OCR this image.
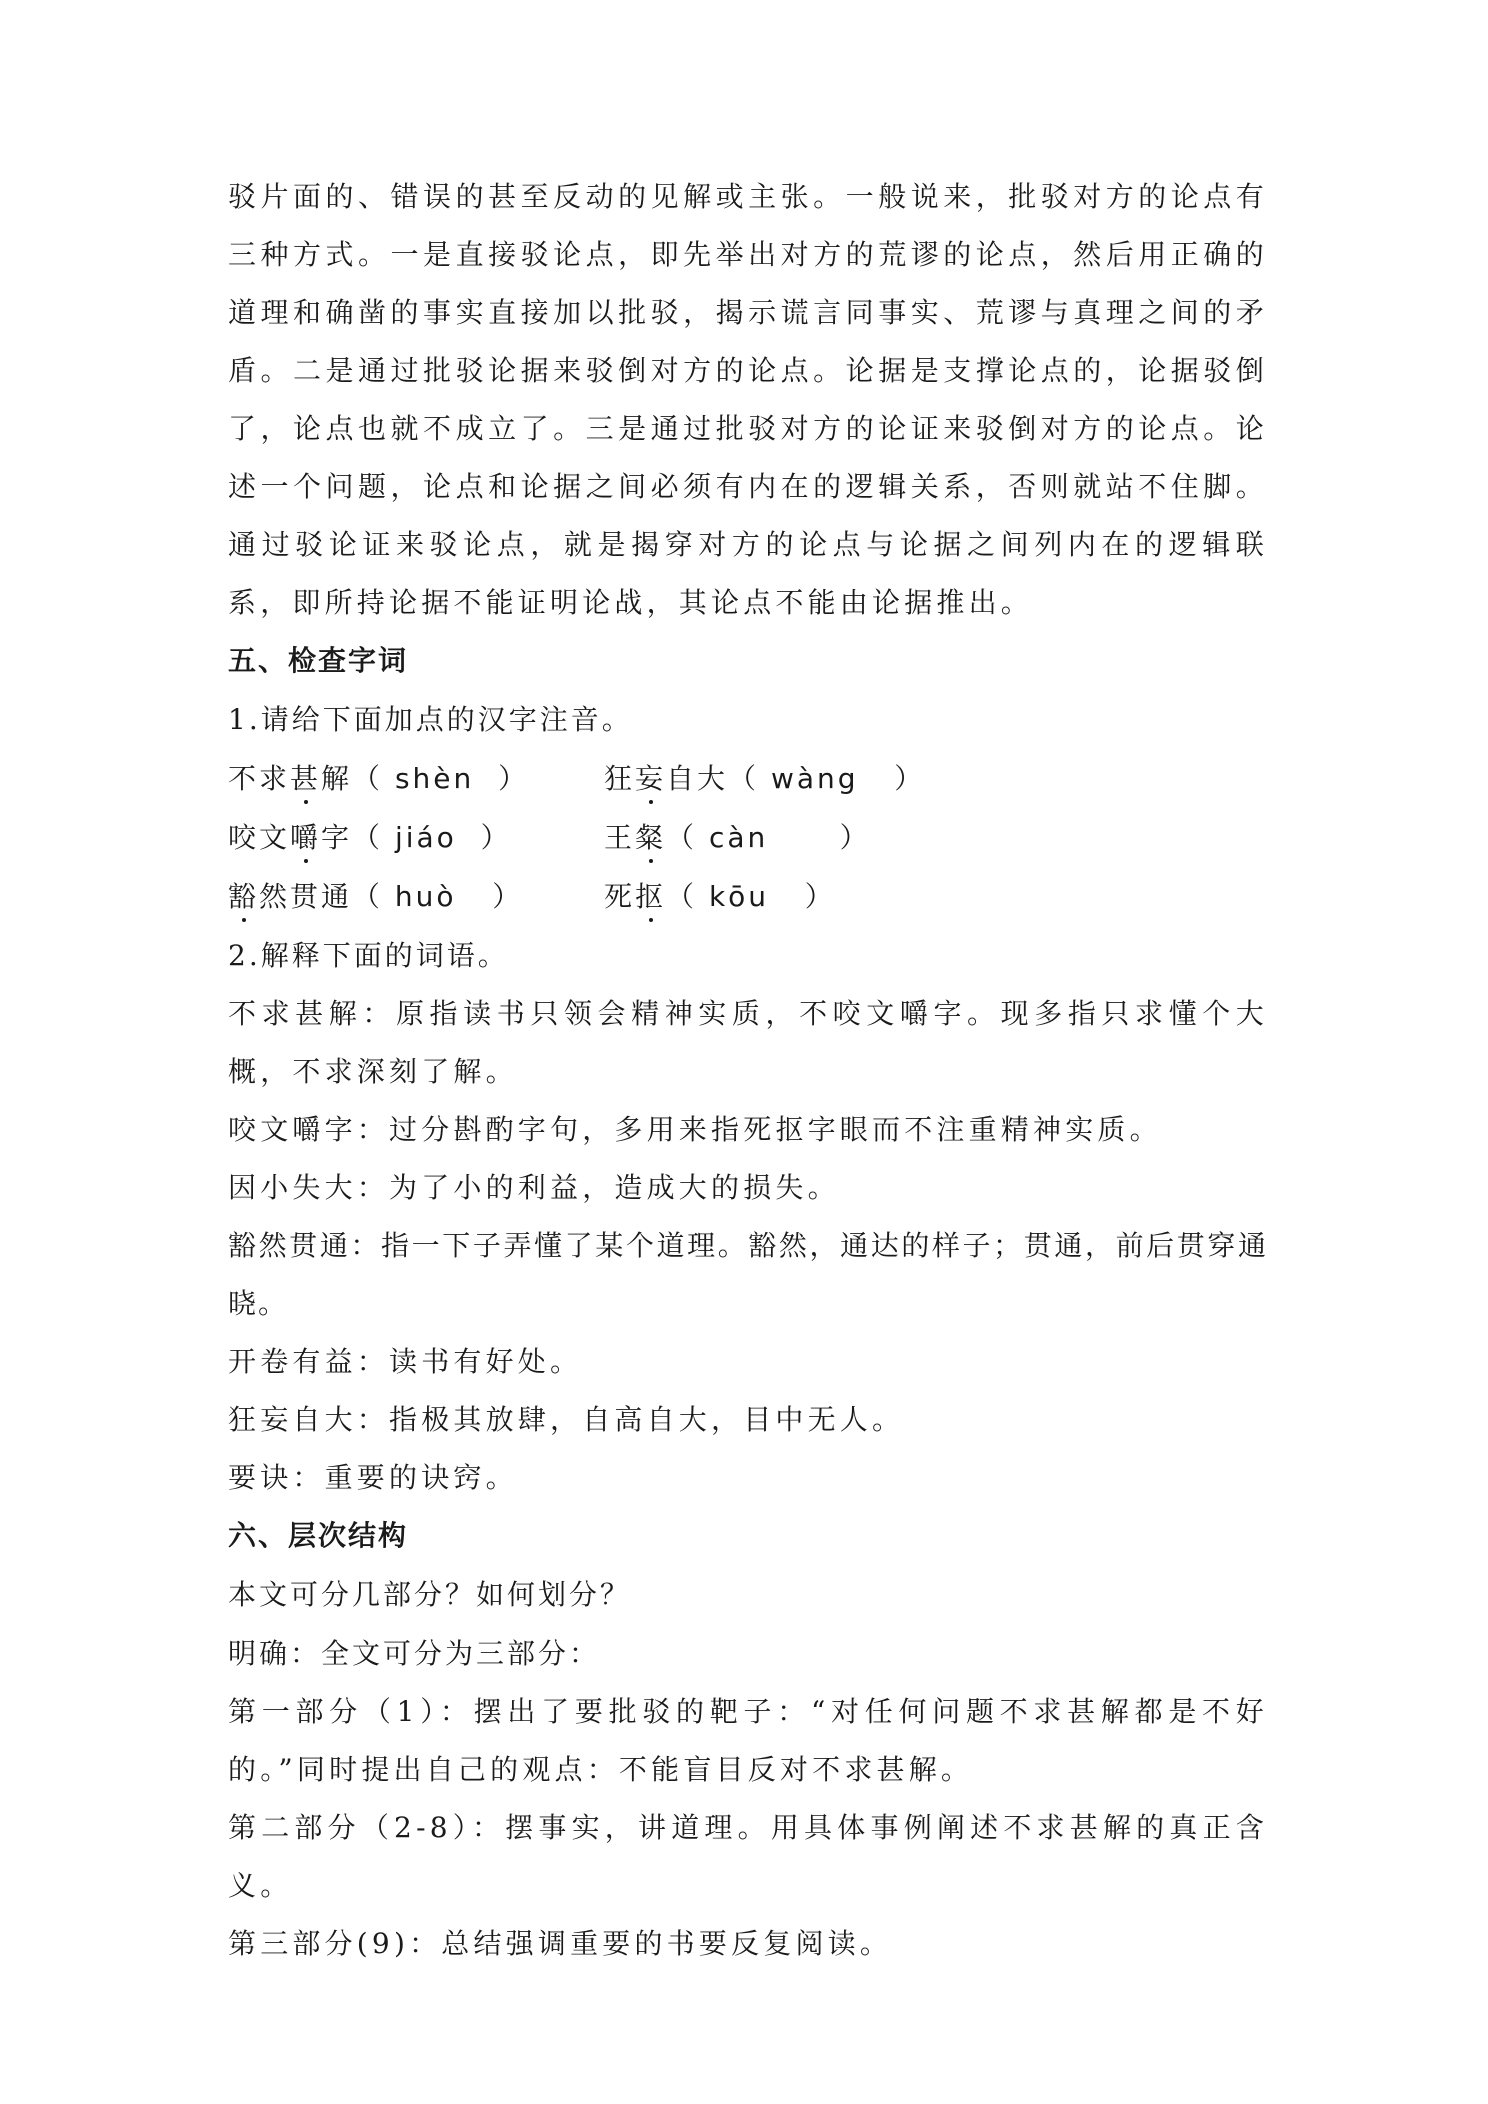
驳片面的、错误的甚至反动的见解或主张。一般说来，批驳对方的论点有三种方式。一是直接驳论点，即先举出对方的荒谬的论点，然后用正确的道理和确凿的事实直接加以批驳，揭示谎言同事实、荒谬与真理之间的矛盾。二是通过批驳论据来驳倒对方的论点。论据是支撑论点的，论据驳倒了，论点也就不成立了。三是通过批驳对方的论证来驳倒对方的论点。论述一个问题，论点和论据之间必须有内在的逻辑关系，否则就站不住脚。通过驳论证来驳论点，就是揭穿对方的论点与论据之间列内在的逻辑联系，即所持论据不能证明论战，其论点不能由论据推出。

五、检查字词

1.请给下面加点的汉字注音。

不求甚解（ shèn  ）	狂妄自大（ wàng   ）
咬文嚼字（ jiáo  ）	王粲（ càn      ）
豁然贯通（ huò   ）	死抠（ kōu   ）

2.解释下面的词语。

不求甚解：原指读书只领会精神实质，不咬文嚼字。现多指只求懂个大概，不求深刻了解。

咬文嚼字：过分斟酌字句，多用来指死抠字眼而不注重精神实质。

因小失大：为了小的利益，造成大的损失。

豁然贯通：指一下子弄懂了某个道理。豁然，通达的样子；贯通，前后贯穿通晓。

开卷有益：读书有好处。

狂妄自大：指极其放肆，自高自大，目中无人。

要诀：重要的诀窍。

六、层次结构

本文可分几部分？如何划分？

明确：全文可分为三部分：

第一部分（1）：摆出了要批驳的靶子：“对任何问题不求甚解都是不好的。”同时提出自己的观点：不能盲目反对不求甚解。

第二部分（2-8）：摆事实，讲道理。用具体事例阐述不求甚解的真正含义。

第三部分(9)：总结强调重要的书要反复阅读。
